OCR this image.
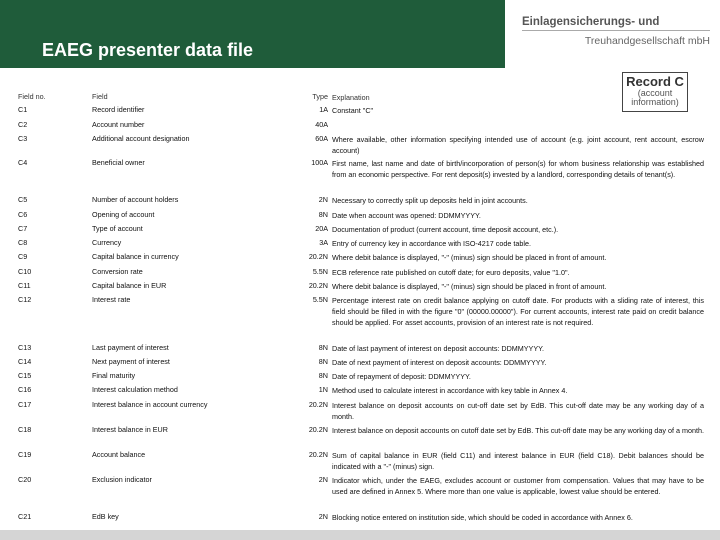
EAEG presenter data file
Einlagensicherungs- und
Treuhandgesellschaft mbH
Record C
(account
information)
Field no.	Field	Type Explanation
C1	Record identifier	1A Constant "C"
C2	Account number	40A
C3	Additional account designation	60A Where available, other information specifying intended use of account (e.g. joint account, rent account, escrow account)
C4	Beneficial owner	100A First name, last name and date of birth/incorporation of person(s) for whom business relationship was established from an economic perspective. For rent deposit(s) invested by a landlord, corresponding details of tenant(s).
C5	Number of account holders	2N Necessary to correctly split up deposits held in joint accounts.
C6	Opening of account	8N Date when account was opened: DDMMYYYY.
C7	Type of account	20A Documentation of product (current account, time deposit account, etc.).
C8	Currency	3A Entry of currency key in accordance with ISO-4217 code table.
C9	Capital balance in currency	20.2N Where debit balance is displayed, "-" (minus) sign should be placed in front of amount.
C10	Conversion rate	5.5N ECB reference rate published on cutoff date; for euro deposits, value "1.0".
C11	Capital balance in EUR	20.2N Where debit balance is displayed, "-" (minus) sign should be placed in front of amount.
C12	Interest rate	5.5N Percentage interest rate on credit balance applying on cutoff date. For products with a sliding rate of interest, this field should be filled in with the figure "0" (00000.00000"). For current accounts, interest rate paid on credit balance should be applied. For asset accounts, provision of an interest rate is not required.
C13	Last payment of interest	8N Date of last payment of interest on deposit accounts: DDMMYYYY.
C14	Next payment of interest	8N Date of next payment of interest on deposit accounts: DDMMYYYY.
C15	Final maturity	8N Date of repayment of deposit: DDMMYYYY.
C16	Interest calculation method	1N Method used to calculate interest in accordance with key table in Annex 4.
C17	Interest balance in account currency	20.2N Interest balance on deposit accounts on cut-off date set by EdB. This cut-off date may be any working day of a month.
C18	Interest balance in EUR	20.2N Interest balance on deposit accounts on cutoff date set by EdB. This cut-off date may be any working day of a month.
C19	Account balance	20.2N Sum of capital balance in EUR (field C11) and interest balance in EUR (field C18). Debit balances should be indicated with a "-" (minus) sign.
C20	Exclusion indicator	2N Indicator which, under the EAEG, excludes account or customer from compensation. Values that may have to be used are defined in Annex 5. Where more than one value is applicable, lowest value should be entered.
C21	EdB key	2N Blocking notice entered on institution side, which should be coded in accordance with Annex 6.
